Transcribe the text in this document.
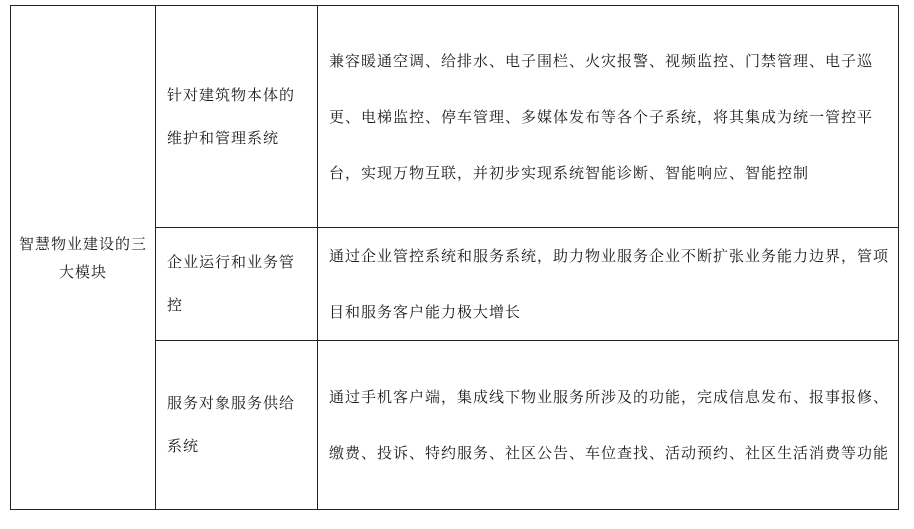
智慧物业建设的三大模块	针对建筑物本体的维护和管理系统	兼容暖通空调、给排水、电子围栏、火灾报警、视频监控、门禁管理、电子巡更、电梯监控、停车管理、多媒体发布等各个子系统，将其集成为统一管控平台，实现万物互联，并初步实现系统智能诊断、智能响应、智能控制
	企业运行和业务管控	通过企业管控系统和服务系统，助力物业服务企业不断扩张业务能力边界，管项目和服务客户能力极大增长
	服务对象服务供给系统	通过手机客户端，集成线下物业服务所涉及的功能，完成信息发布、报事报修、缴费、投诉、特约服务、社区公告、车位查找、活动预约、社区生活消费等功能
